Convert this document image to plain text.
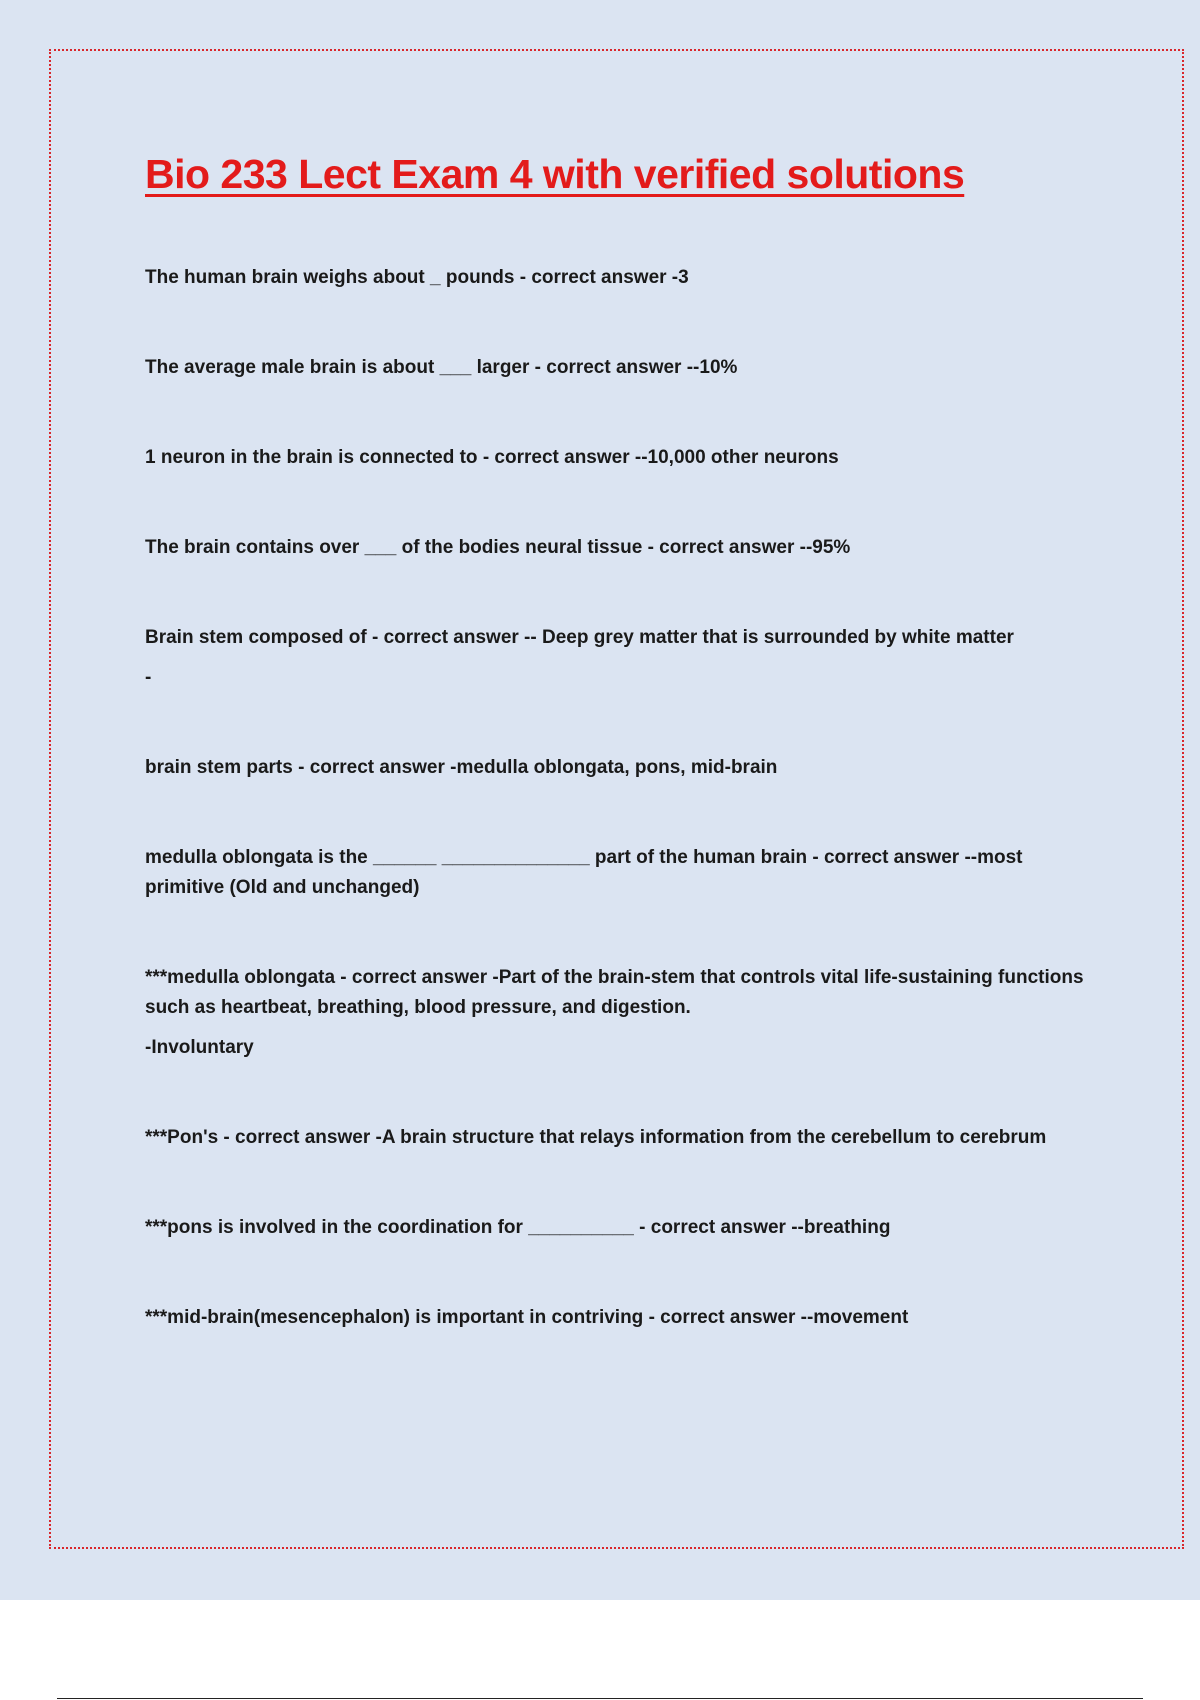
Bio 233 Lect Exam 4 with verified solutions

The human brain weighs about _ pounds - correct answer -3

The average male brain is about ___ larger - correct answer --10%

1 neuron in the brain is connected to - correct answer --10,000 other neurons

The brain contains over ___ of the bodies neural tissue - correct answer --95%

Brain stem composed of - correct answer -- Deep grey matter that is surrounded by white matter

-

brain stem parts - correct answer -medulla oblongata, pons, mid-brain

medulla oblongata is the ______ ______________ part of the human brain - correct answer --most primitive (Old and unchanged)

***medulla oblongata - correct answer -Part of the brain-stem that controls vital life-sustaining functions such as heartbeat, breathing, blood pressure, and digestion.

-Involuntary

***Pon's - correct answer -A brain structure that relays information from the cerebellum to cerebrum

***pons is involved in the coordination for __________ - correct answer --breathing

***mid-brain(mesencephalon) is important in contriving - correct answer --movement
